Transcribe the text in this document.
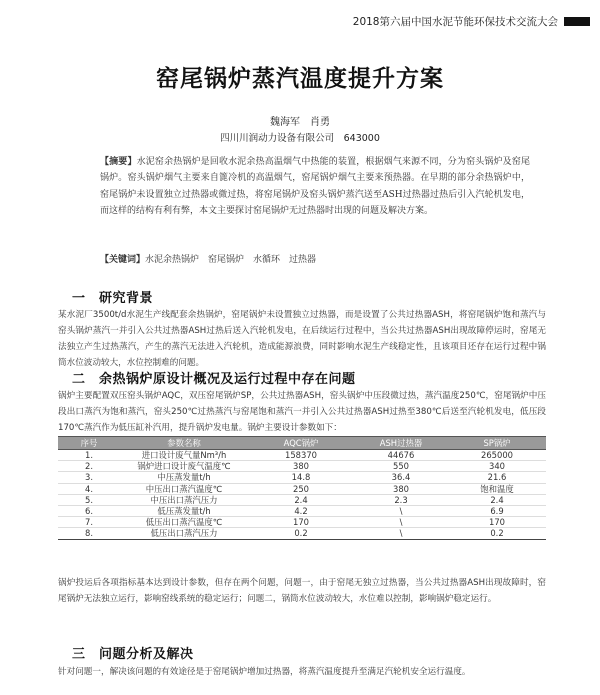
2018第六届中国水泥节能环保技术交流大会
窑尾锅炉蒸汽温度提升方案
魏海军　肖勇
四川川润动力设备有限公司　643000
【摘要】水泥窑余热锅炉是回收水泥余热高温烟气中热能的装置，根据烟气来源不同，分为窑头锅炉及窑尾锅炉。窑头锅炉烟气主要来自篦冷机的高温烟气，窑尾锅炉烟气主要来预热器。在早期的部分余热锅炉中，窑尾锅炉未设置独立过热器或微过热，将窑尾锅炉及窑头锅炉蒸汽送至ASH过热器过热后引入汽轮机发电，而这样的结构有利有弊，本文主要探讨窑尾锅炉无过热器时出现的问题及解决方案。
【关键词】水泥余热锅炉　窑尾锅炉　水循环　过热器
一　研究背景
某水泥厂3500t/d水泥生产线配套余热锅炉，窑尾锅炉未设置独立过热器，而是设置了公共过热器ASH，将窑尾锅炉饱和蒸汽与窑头锅炉蒸汽一并引入公共过热器ASH过热后送入汽轮机发电，在后续运行过程中，当公共过热器ASH出现故障停运时，窑尾无法独立产生过热蒸汽，产生的蒸汽无法进入汽轮机，造成能源浪费，同时影响水泥生产线稳定性，且该项目还存在运行过程中锅筒水位波动较大，水位控制难的问题。
二　余热锅炉原设计概况及运行过程中存在问题
锅炉主要配置双压窑头锅炉AQC，双压窑尾锅炉SP，公共过热器ASH，窑头锅炉中压段微过热，蒸汽温度250℃，窑尾锅炉中压段出口蒸汽为饱和蒸汽，窑头250℃过热蒸汽与窑尾饱和蒸汽一并引入公共过热器ASH过热至380℃后送至汽轮机发电，低压段170℃蒸汽作为低压缸补汽用，提升锅炉发电量。锅炉主要设计参数如下：
序号	参数名称	AQC锅炉	ASH过热器	SP锅炉
1.	进口设计废气量Nm³/h	158370	44676	265000
2.	锅炉进口设计废气温度℃	380	550	340
3.	中压蒸发量t/h	14.8	36.4	21.6
4.	中压出口蒸汽温度℃	250	380	饱和温度
5.	中压出口蒸汽压力	2.4	2.3	2.4
6.	低压蒸发量t/h	4.2	\	6.9
7.	低压出口蒸汽温度℃	170	\	170
8.	低压出口蒸汽压力	0.2	\	0.2
锅炉投运后各项指标基本达到设计参数，但存在两个问题，问题一，由于窑尾无独立过热器，当公共过热器ASH出现故障时，窑尾锅炉无法独立运行，影响窑线系统的稳定运行；问题二，锅筒水位波动较大，水位难以控制，影响锅炉稳定运行。
三　问题分析及解决
针对问题一，解决该问题的有效途径是于窑尾锅炉增加过热器，将蒸汽温度提升至满足汽轮机安全运行温度。
